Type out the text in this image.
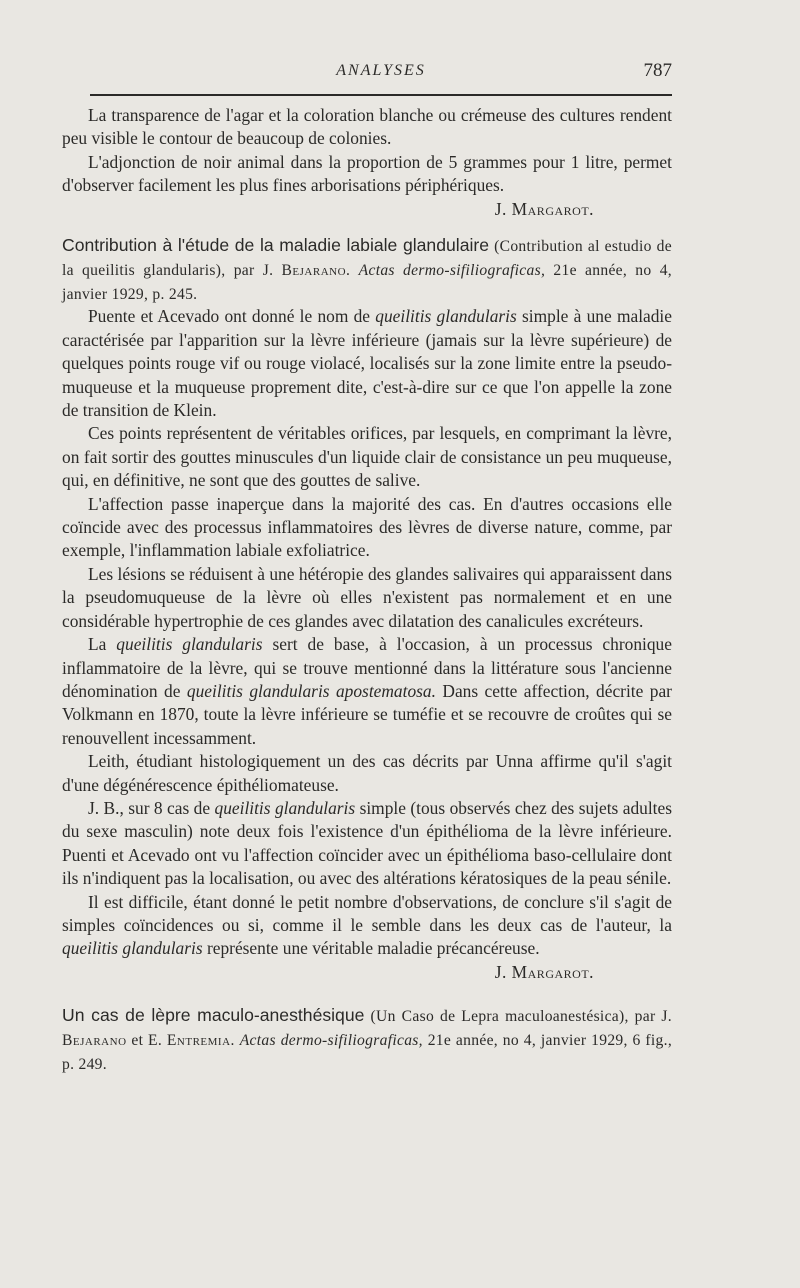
ANALYSES	787

La transparence de l'agar et la coloration blanche ou crémeuse des cultures rendent peu visible le contour de beaucoup de colonies.

L'adjonction de noir animal dans la proportion de 5 grammes pour 1 litre, permet d'observer facilement les plus fines arborisations périphériques.
J. Margarot.

Contribution à l'étude de la maladie labiale glandulaire (Contribution al estudio de la queilitis glandularis), par J. Bejarano. Actas dermo-sifiliograficas, 21e année, no 4, janvier 1929, p. 245.

Puente et Acevado ont donné le nom de queilitis glandularis simple à une maladie caractérisée par l'apparition sur la lèvre inférieure (jamais sur la lèvre supérieure) de quelques points rouge vif ou rouge violacé, localisés sur la zone limite entre la pseudo-muqueuse et la muqueuse proprement dite, c'est-à-dire sur ce que l'on appelle la zone de transition de Klein.

Ces points représentent de véritables orifices, par lesquels, en comprimant la lèvre, on fait sortir des gouttes minuscules d'un liquide clair de consistance un peu muqueuse, qui, en définitive, ne sont que des gouttes de salive.

L'affection passe inaperçue dans la majorité des cas. En d'autres occasions elle coïncide avec des processus inflammatoires des lèvres de diverse nature, comme, par exemple, l'inflammation labiale exfoliatrice.

Les lésions se réduisent à une hétéropie des glandes salivaires qui apparaissent dans la pseudomuqueuse de la lèvre où elles n'existent pas normalement et en une considérable hypertrophie de ces glandes avec dilatation des canalicules excréteurs.

La queilitis glandularis sert de base, à l'occasion, à un processus chronique inflammatoire de la lèvre, qui se trouve mentionné dans la littérature sous l'ancienne dénomination de queilitis glandularis apostematosa. Dans cette affection, décrite par Volkmann en 1870, toute la lèvre inférieure se tuméfie et se recouvre de croûtes qui se renouvellent incessamment.

Leith, étudiant histologiquement un des cas décrits par Unna affirme qu'il s'agit d'une dégénérescence épithéliomateuse.

J. B., sur 8 cas de queilitis glandularis simple (tous observés chez des sujets adultes du sexe masculin) note deux fois l'existence d'un épithélioma de la lèvre inférieure. Puenti et Acevado ont vu l'affection coïncider avec un épithélioma baso-cellulaire dont ils n'indiquent pas la localisation, ou avec des altérations kératosiques de la peau sénile.

Il est difficile, étant donné le petit nombre d'observations, de conclure s'il s'agit de simples coïncidences ou si, comme il le semble dans les deux cas de l'auteur, la queilitis glandularis représente une véritable maladie précancéreuse.
J. Margarot.

Un cas de lèpre maculo-anesthésique (Un Caso de Lepra maculoanestésica), par J. Bejarano et E. Entremia. Actas dermo-sifiliograficas, 21e année, no 4, janvier 1929, 6 fig., p. 249.
